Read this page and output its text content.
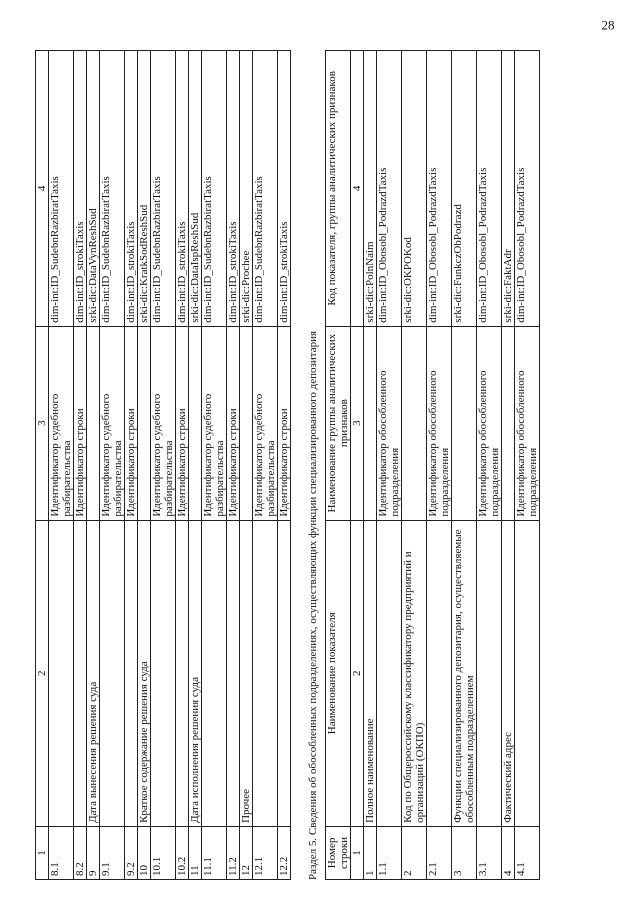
1	2	3	4
8.1		Идентификатор судебного разбирательства	dim-int:ID_SudebnRazbiratTaxis
8.2		Идентификатор строки	dim-int:ID_strokiTaxis
9	Дата вынесения решения суда		srki-dic:DataVynReshSud
9.1		Идентификатор судебного разбирательства	dim-int:ID_SudebnRazbiratTaxis
9.2		Идентификатор строки	dim-int:ID_strokiTaxis
10	Краткое содержание решения суда		srki-dic:KratkSodReshSud
10.1		Идентификатор судебного разбирательства	dim-int:ID_SudebnRazbiratTaxis
10.2		Идентификатор строки	dim-int:ID_strokiTaxis
11	Дата исполнения решения суда		srki-dic:DataIspReshSud
11.1		Идентификатор судебного разбирательства	dim-int:ID_SudebnRazbiratTaxis
11.2		Идентификатор строки	dim-int:ID_strokiTaxis
12	Прочее		srki-dic:Prochee
12.1		Идентификатор судебного разбирательства	dim-int:ID_SudebnRazbiratTaxis
12.2		Идентификатор строки	dim-int:ID_strokiTaxis
Раздел 5. Сведения об обособленных подразделениях, осуществляющих функции специализированного депозитария Номер строки	Наименование показателя	Наименование группы аналитических признаков	Код показателя, группы аналитических признаков
1	2	3	4
1	Полное наименование		srki-dic:PolnNaim
1.1		Идентификатор обособленного подразделения	dim-int:ID_Obosobl_PodrazdTaxis
2	Код по Общероссийскому классификатору предприятий и организаций (ОКПО)		srki-dic:OKPOKod
2.1		Идентификатор обособленного подразделения	dim-int:ID_Obosobl_PodrazdTaxis
3	Функции специализированного депозитария, осуществляемые обособленным подразделением		srki-dic:FunkczObPodrazd
3.1		Идентификатор обособленного подразделения	dim-int:ID_Obosobl_PodrazdTaxis
4	Фактический адрес		srki-dic:FaktAdr
4.1		Идентификатор обособленного подразделения	dim-int:ID_Obosobl_PodrazdTaxis
28
